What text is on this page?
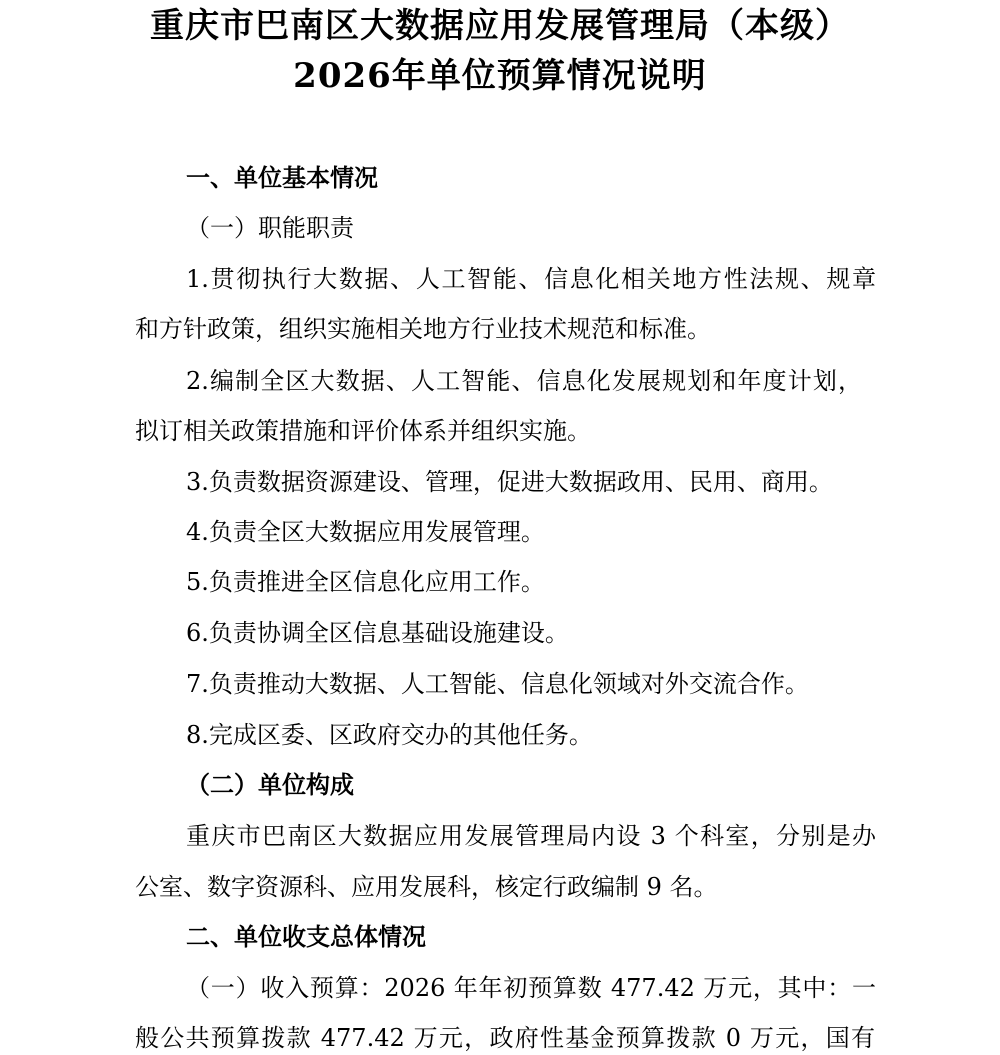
重庆市巴南区大数据应用发展管理局（本级）
2026年单位预算情况说明
一、单位基本情况
（一）职能职责
1.贯彻执行大数据、人工智能、信息化相关地方性法规、规章
和方针政策，组织实施相关地方行业技术规范和标准。
2.编制全区大数据、人工智能、信息化发展规划和年度计划，
拟订相关政策措施和评价体系并组织实施。
3.负责数据资源建设、管理，促进大数据政用、民用、商用。
4.负责全区大数据应用发展管理。
5.负责推进全区信息化应用工作。
6.负责协调全区信息基础设施建设。
7.负责推动大数据、人工智能、信息化领域对外交流合作。
8.完成区委、区政府交办的其他任务。
（二）单位构成
重庆市巴南区大数据应用发展管理局内设 3 个科室，分别是办
公室、数字资源科、应用发展科，核定行政编制 9 名。
二、单位收支总体情况
（一）收入预算：2026 年年初预算数 477.42 万元，其中：一
般公共预算拨款 477.42 万元，政府性基金预算拨款 0 万元，国有
